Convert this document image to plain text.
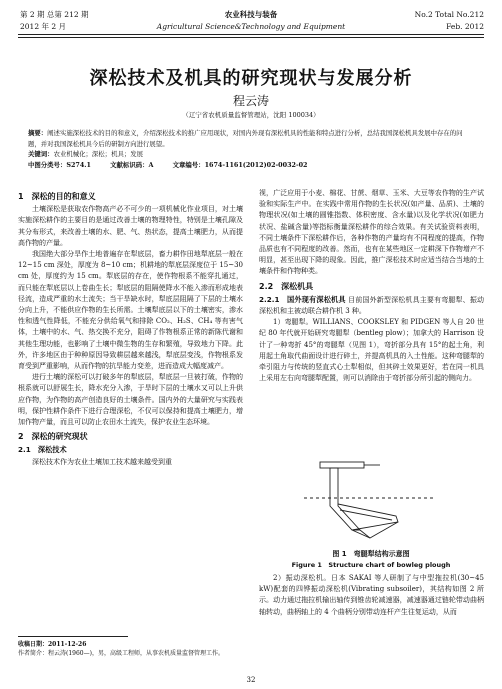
第 2 期 总第 212 期
2012 年 2 月
农业科技与装备
Agricultural Science&Technology and Equipment
No.2 Total No.212
Feb. 2012
深松技术及机具的研究现状与发展分析
程云涛
（辽宁省农机质量监督管理站，沈阳 100034）
摘要：阐述实施深松技术的目的和意义，介绍深松技术的推广应用现状，对国内外现有深松机具的性能和特点进行分析，总结我国深松机具发展中存在的问题，并对我国深松机具今后的研制方向进行展望。
关键词：农业机械化；深松；机具；发展
中图分类号：S274.1　　　文献标识码：A　　　文章编号：1674-1161(2012)02-0032-02
1　深松的目的和意义

土壤深松是获取农作物高产必不可少的一项机械化作业项目，对土壤实施深松耕作的主要目的是通过改善土壤的物理特性，特别是土壤孔隙及其分布形式，来改善土壤的水、肥、气、热状态，提高土壤肥力，从而提高作物的产量。

我国绝大部分旱作土地普遍存在犁底层，畜力耕作田地犁底层一般在 12~15 cm 深处，厚度为 8~10 cm；机耕地的犁底层深度位于 15~30 cm 处，厚度约为 15 cm。犁底层的存在，使作物根系不能穿扎通过，而只能在犁底层以上卷曲生长；犁底层的阻隔使降水不能入渗而形成地表径流，造成严重的水土流失；当干旱缺水时，犁底层阻隔了下层的土壤水分向上升，不能供应作物的生长所需。土壤犁底层以下的土壤密实，渗水性和透气性降低，不能充分供给氧气和排除 CO₂、H₂S、CH₄ 等有害气体，土壤中的水、气、热交换不充分，阻碍了作物根系正常的新陈代谢和其他生理功能，也影响了土壤中微生物的生存和繁殖，导致地力下降。此外，许多地区由于种种原因导致耕层越来越浅，犁底层变浅，作物根系发育受到严重影响，从而作物的抗旱能力变差，进而造成大幅度减产。

进行土壤的深松可以打破多年的犁底层，犁底层一旦被打破，作物的根系就可以舒展生长，降水充分入渗，于旱时下层的土壤水又可以上升供应作物，为作物的高产创造良好的土壤条件。国内外的大量研究与实践表明，保护性耕作条件下进行合理深松，不仅可以保持和提高土壤肥力，增加作物产量，而且可以防止农田水土流失，保护农业生态环境。

2　深松的研究现状
2.1　深松技术

深松技术作为农业土壤加工技术越来越受到重

收稿日期：2011-12-26
作者简介：程云涛(1960—)，男，高级工程师，从事农机质量监督管理工作。

视，广泛应用于小麦、棉花、甘蔗、烟草、玉米、大豆等农作物的生产试验和实际生产中。在实践中常用作物的生长状况(如产量、品质)、土壤的物理状况(如土壤的圆锥指数、体积密度、含水量)以及化学状况(如肥力状况、盐碱含量)等指标衡量深松耕作的综合效果。有关试验资料表明，不同土壤条件下深松耕作后，各种作物的产量均有不同程度的提高，作物品质也有不同程度的改善。然而，也有在某些地区一定耕深下作物增产不明显，甚至出现下降的现象。因此，推广深松技术时应适当结合当地的土壤条件和作物种类。

2.2　深松机具
2.2.1　国外现有深松机具 目前国外新型深松机具主要有弯腿犁、振动深松机和主被动联合耕作机 3 种。

1）弯腿犁。WILLIANS、COOKSLEY 和 PIDGEN 等人自 20 世纪 80 年代就开始研究弯腿犁（bentleg plow）；加拿大的 Harrison 设计了一种弯折 45°的弯腿犁（见图 1），弯折部分具有 15°的起土角，利用起土角取代曲面设计进行碎土，并提高机具的入土性能。这种弯腿犁的牵引阻力与传统的竖直式心土犁相似，但其碎土效果更好，若在同一机具上采用左右向弯腿犁配置，则可以消除由于弯折部分所引起的侧向力。

图 1　弯腿犁结构示意图
Figure 1　Structure chart of bowleg plough

2）振动深松机。日本 SAKAI 等人研制了与中型拖拉机(30~45 kW)配套的四铧振动深松机(Vibrating subsoiler)，其结构如图 2 所示。动力通过拖拉机输出轴传到锥齿轮减速器，减速器通过链轮带动曲柄轴转动，曲柄轴上的 4 个曲柄分别带动连杆产生往复运动，从而

32
